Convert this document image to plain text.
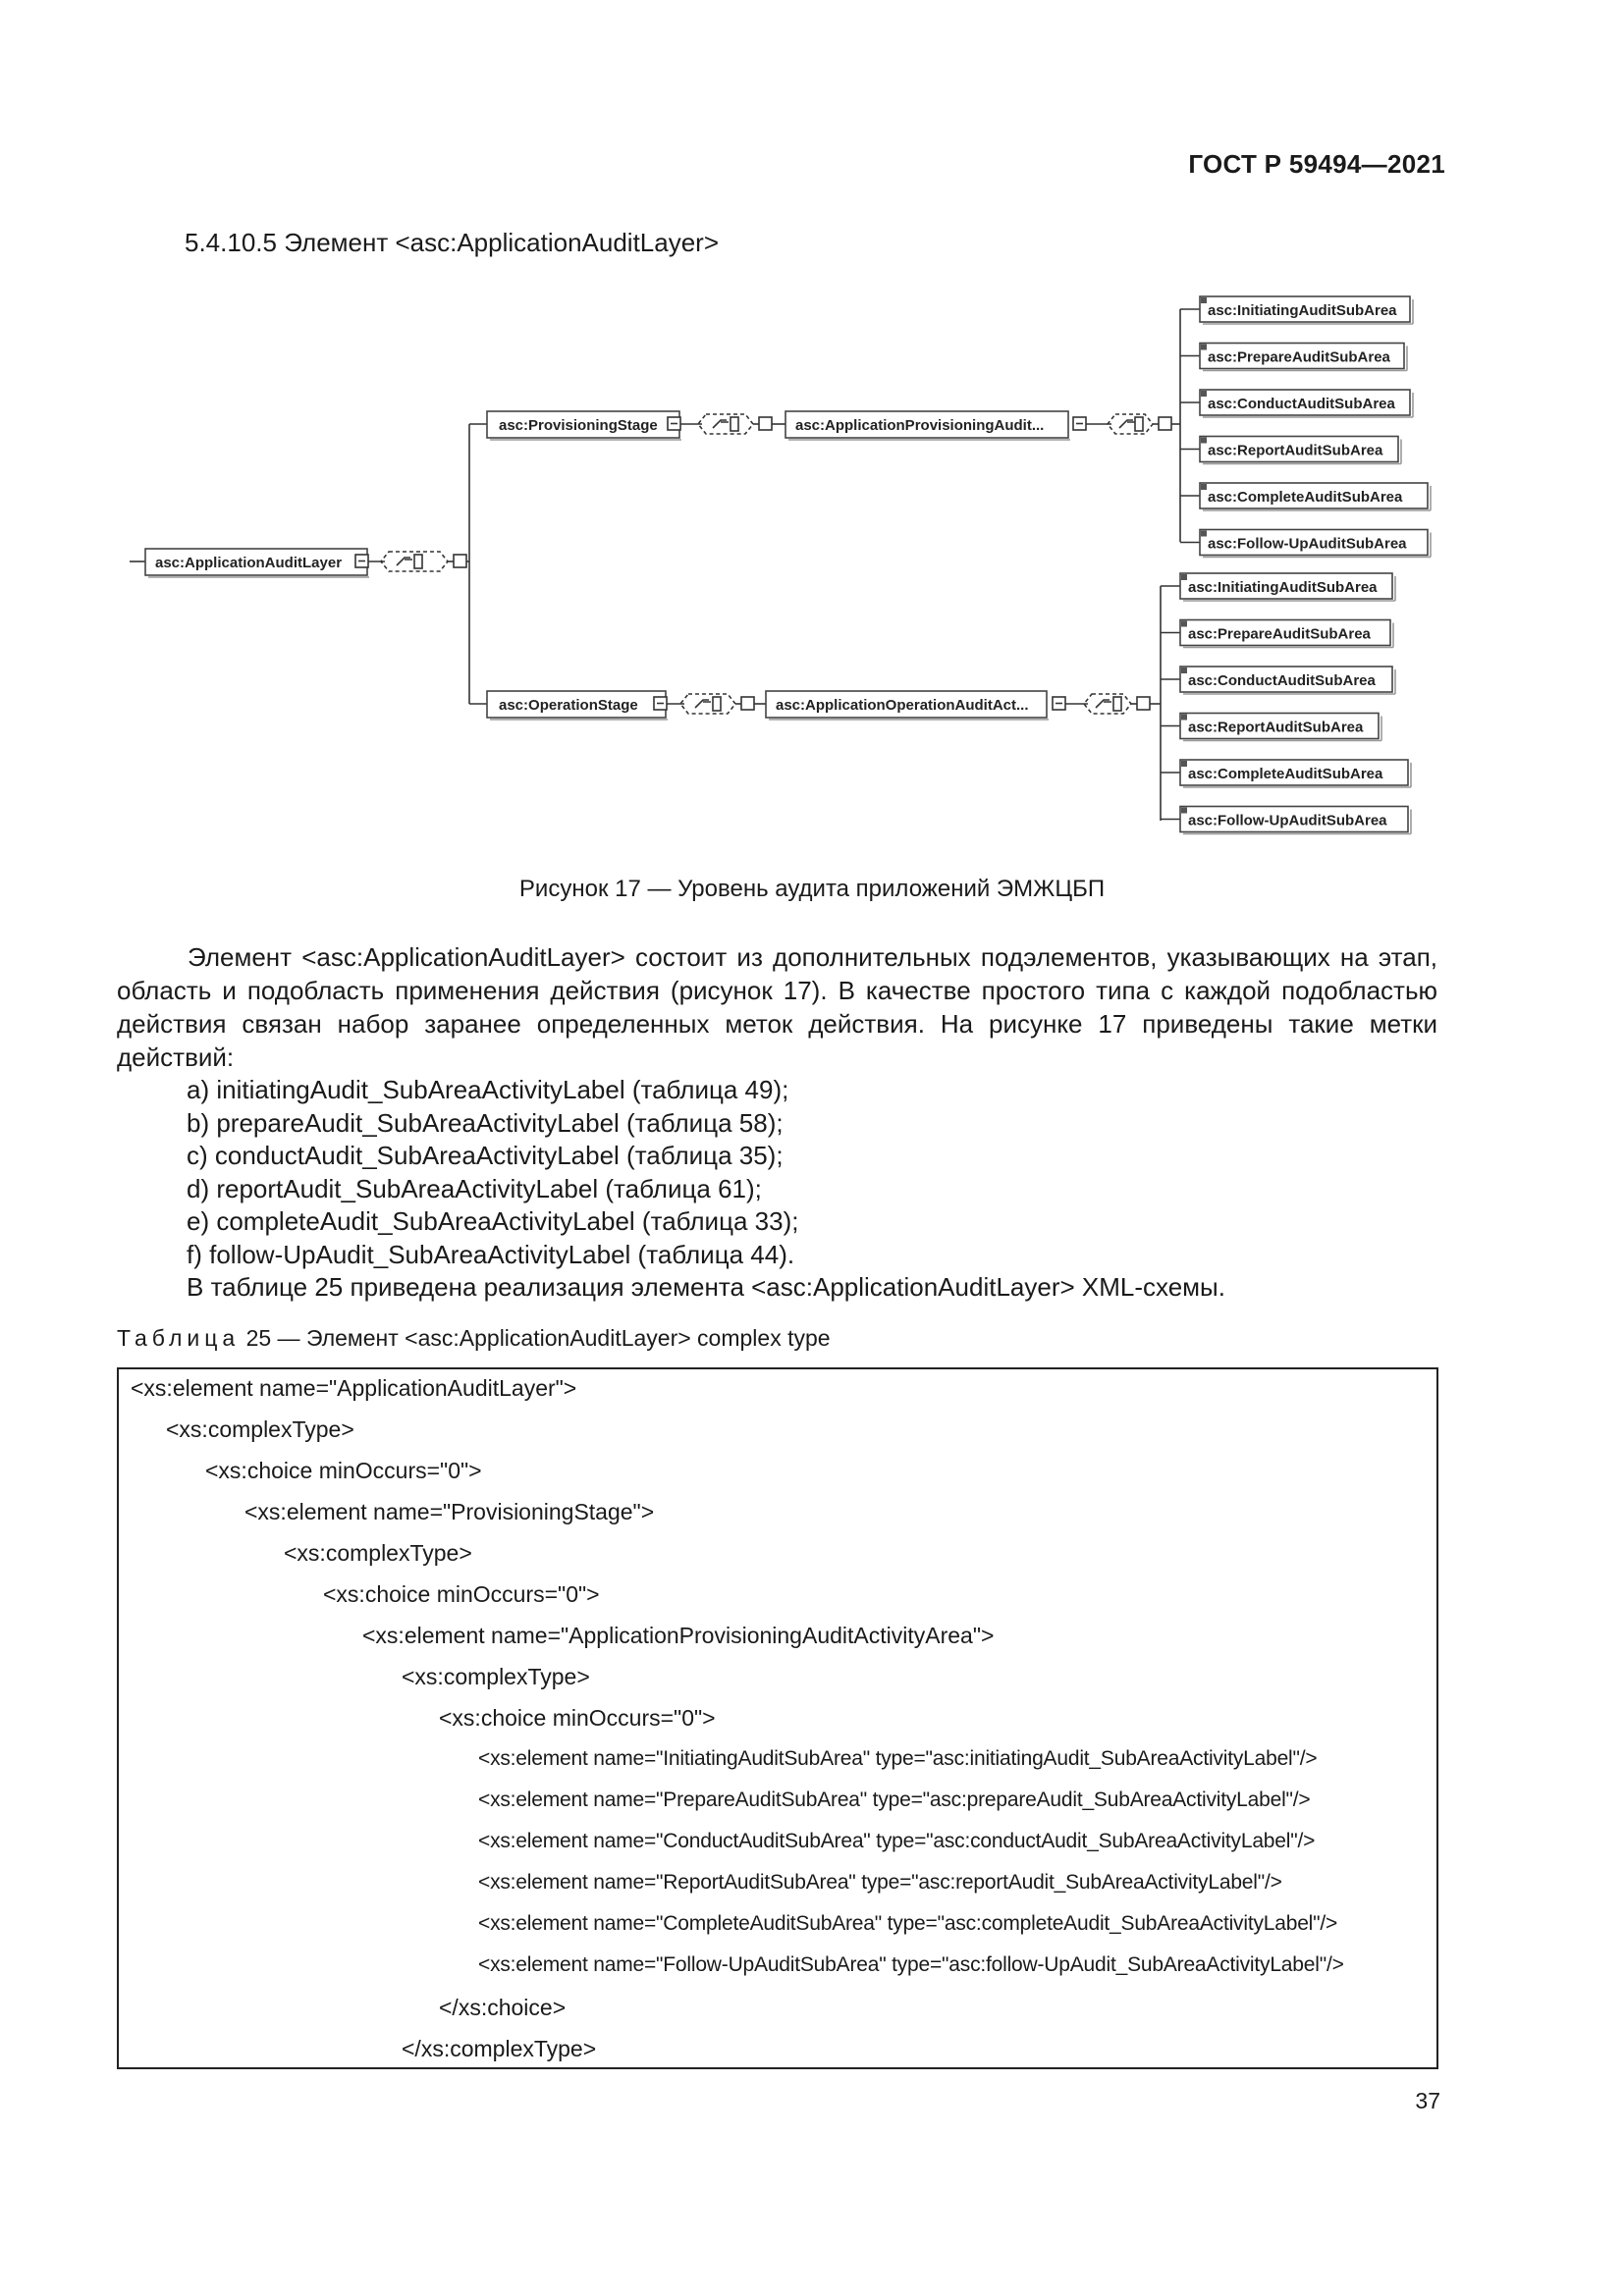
ГОСТ Р 59494—2021
5.4.10.5 Элемент <asc:ApplicationAuditLayer>
asc:ApplicationAuditLayer
asc:ProvisioningStage	asc:ApplicationProvisioningAudit...
asc:OperationStage	asc:ApplicationOperationAuditAct...
asc:InitiatingAuditSubArea
asc:PrepareAuditSubArea
asc:ConductAuditSubArea
asc:ReportAuditSubArea
asc:CompleteAuditSubArea
asc:Follow-UpAuditSubArea
asc:InitiatingAuditSubArea
asc:PrepareAuditSubArea
asc:ConductAuditSubArea
asc:ReportAuditSubArea
asc:CompleteAuditSubArea
asc:Follow-UpAuditSubArea
Рисунок 17 — Уровень аудита приложений ЭМЖЦБП
Элемент <asc:ApplicationAuditLayer> состоит из дополнительных подэлементов, указывающих на этап, область и подобласть применения действия (рисунок 17). В качестве простого типа с каждой подобластью действия связан набор заранее определенных меток действия. На рисунке 17 приведены такие метки действий:
a) initiatingAudit_SubAreaActivityLabel (таблица 49);
b) prepareAudit_SubAreaActivityLabel (таблица 58);
c) conductAudit_SubAreaActivityLabel (таблица 35);
d) reportAudit_SubAreaActivityLabel (таблица 61);
e) completeAudit_SubAreaActivityLabel (таблица 33);
f) follow-UpAudit_SubAreaActivityLabel (таблица 44).
В таблице 25 приведена реализация элемента <asc:ApplicationAuditLayer> XML-схемы.
Таблица 25 — Элемент <asc:ApplicationAuditLayer> complex type
<xs:element name="ApplicationAuditLayer">
<xs:complexType>
<xs:choice minOccurs="0">
<xs:element name="ProvisioningStage">
<xs:complexType>
<xs:choice minOccurs="0">
<xs:element name="ApplicationProvisioningAuditActivityArea">
<xs:complexType>
<xs:choice minOccurs="0">
<xs:element name="InitiatingAuditSubArea" type="asc:initiatingAudit_SubAreaActivityLabel"/>
<xs:element name="PrepareAuditSubArea" type="asc:prepareAudit_SubAreaActivityLabel"/>
<xs:element name="ConductAuditSubArea" type="asc:conductAudit_SubAreaActivityLabel"/>
<xs:element name="ReportAuditSubArea" type="asc:reportAudit_SubAreaActivityLabel"/>
<xs:element name="CompleteAuditSubArea" type="asc:completeAudit_SubAreaActivityLabel"/>
<xs:element name="Follow-UpAuditSubArea" type="asc:follow-UpAudit_SubAreaActivityLabel"/>
</xs:choice>
</xs:complexType>
37
